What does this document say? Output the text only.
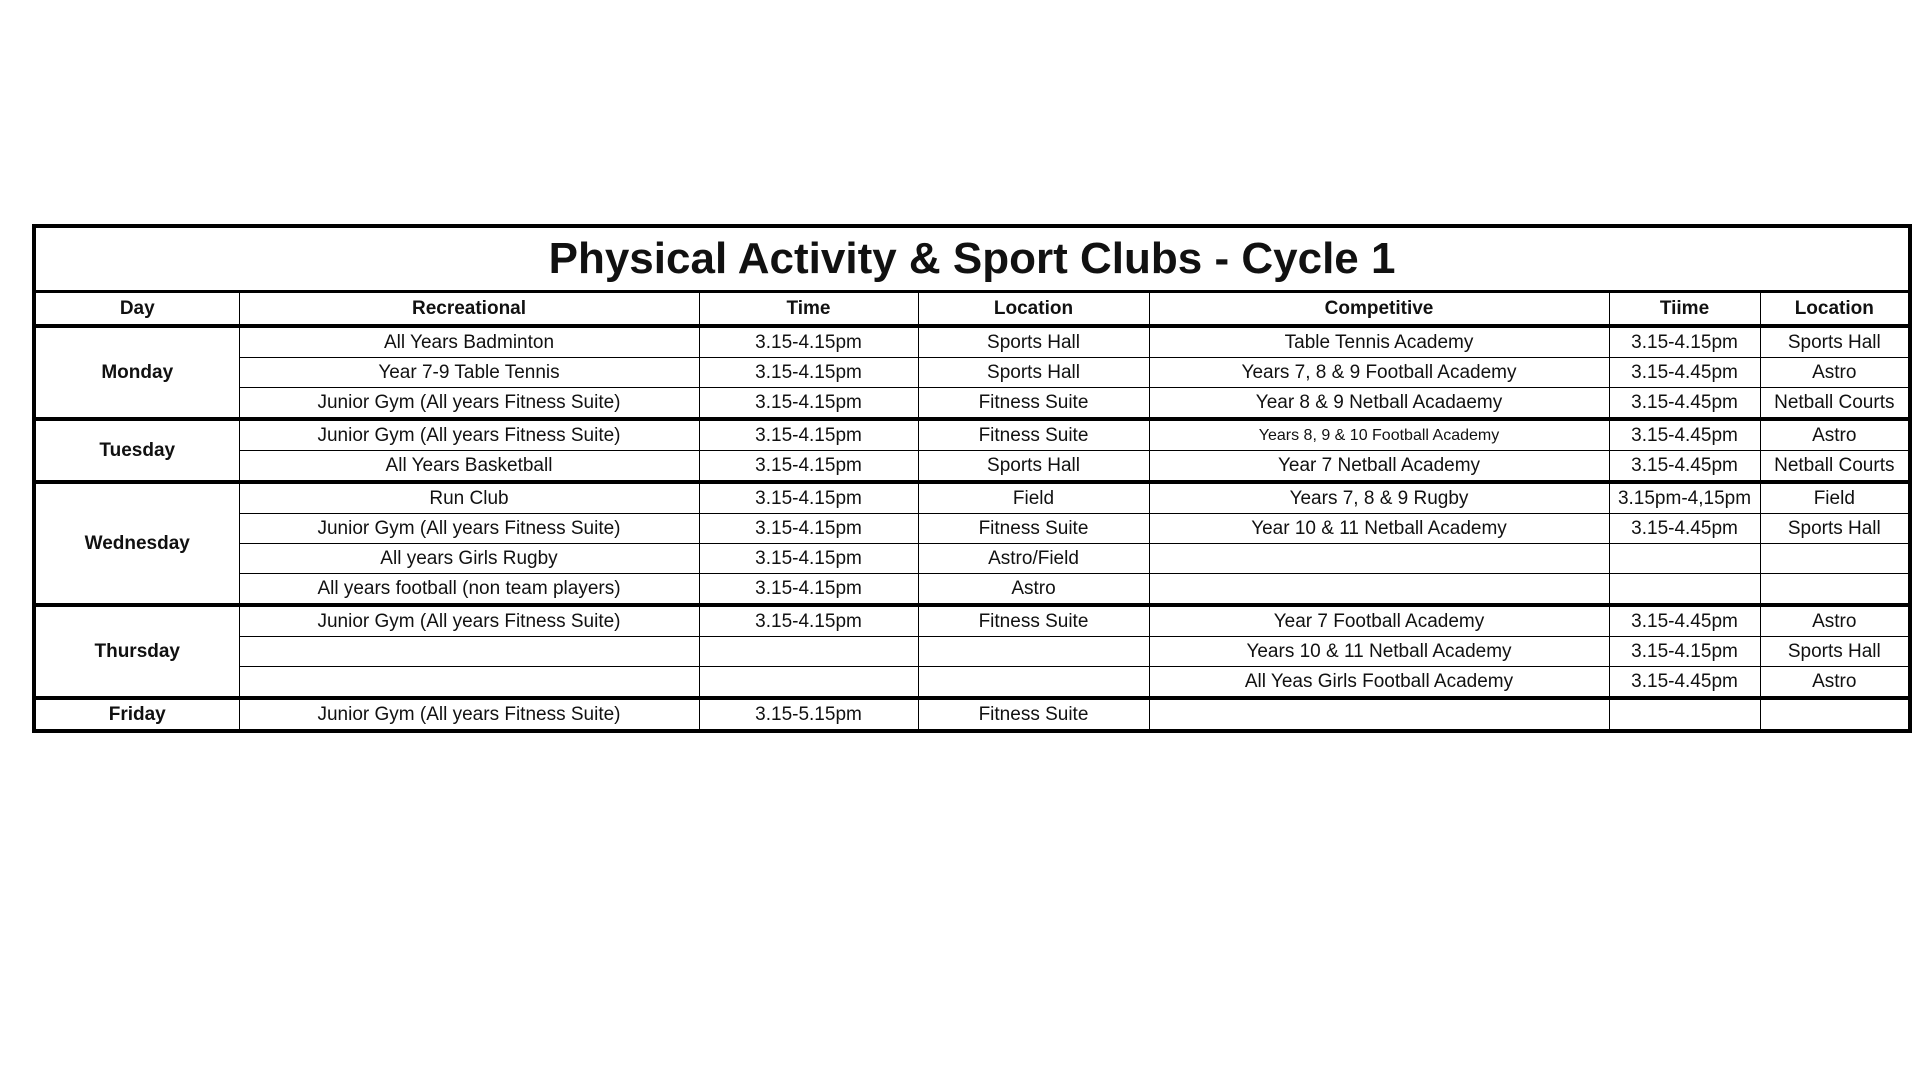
Physical Activity & Sport Clubs - Cycle 1						
Day	Recreational	Time	Location	Competitive	Tiime	Location
Monday	All Years Badminton	3.15-4.15pm	Sports Hall	Table Tennis Academy	3.15-4.15pm	Sports Hall
	Year 7-9 Table Tennis	3.15-4.15pm	Sports Hall	Years 7, 8 & 9 Football Academy	3.15-4.45pm	Astro
	Junior Gym (All years Fitness Suite)	3.15-4.15pm	Fitness Suite	Year 8 & 9 Netball Acadaemy	3.15-4.45pm	Netball Courts
Tuesday	Junior Gym (All years Fitness Suite)	3.15-4.15pm	Fitness Suite	Years 8, 9 & 10 Football Academy	3.15-4.45pm	Astro
	All Years Basketball	3.15-4.15pm	Sports Hall	Year 7 Netball Academy	3.15-4.45pm	Netball Courts
Wednesday	Run Club	3.15-4.15pm	Field	Years 7, 8 & 9 Rugby	3.15pm-4,15pm	Field
	Junior Gym (All years Fitness Suite)	3.15-4.15pm	Fitness Suite	Year 10 & 11 Netball Academy	3.15-4.45pm	Sports Hall
	All years Girls Rugby	3.15-4.15pm	Astro/Field			
	All years football (non team players)	3.15-4.15pm	Astro			
Thursday	Junior Gym (All years Fitness Suite)	3.15-4.15pm	Fitness Suite	Year 7 Football Academy	3.15-4.45pm	Astro
				Years 10 & 11 Netball Academy	3.15-4.15pm	Sports Hall
				All Yeas Girls Football Academy	3.15-4.45pm	Astro
Friday	Junior Gym (All years Fitness Suite)	3.15-5.15pm	Fitness Suite			
